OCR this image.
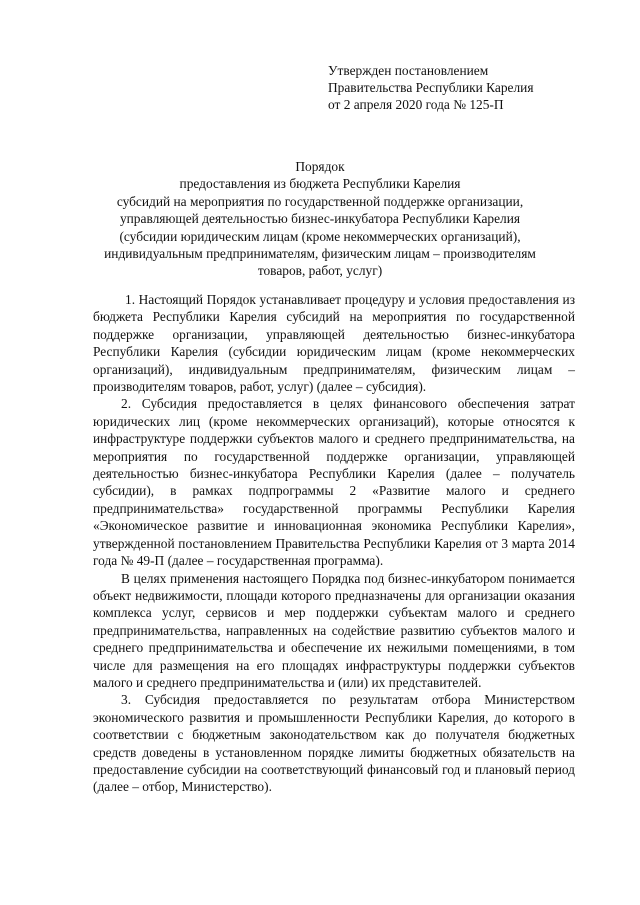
Утвержден постановлением
Правительства Республики Карелия
от 2 апреля 2020 года № 125-П
Порядок
предоставления из бюджета Республики Карелия
субсидий на мероприятия по государственной поддержке организации,
управляющей деятельностью бизнес-инкубатора Республики Карелия
(субсидии юридическим лицам (кроме некоммерческих организаций),
индивидуальным предпринимателям, физическим лицам – производителям
товаров, работ, услуг)

1. Настоящий Порядок устанавливает процедуру и условия предоставления из бюджета Республики Карелия субсидий на мероприятия по государственной поддержке организации, управляющей деятельностью бизнес-инкубатора Республики Карелия (субсидии юридическим лицам (кроме некоммерческих организаций), индивидуальным предпринимателям, физическим лицам – производителям товаров, работ, услуг) (далее – субсидия).

2. Субсидия предоставляется в целях финансового обеспечения затрат юридических лиц (кроме некоммерческих организаций), которые относятся к инфраструктуре поддержки субъектов малого и среднего предпринимательства, на мероприятия по государственной поддержке организации, управляющей деятельностью бизнес-инкубатора Республики Карелия (далее – получатель субсидии), в рамках подпрограммы 2 «Развитие малого и среднего предпринимательства» государственной программы Республики Карелия «Экономическое развитие и инновационная экономика Республики Карелия», утвержденной постановлением Правительства Республики Карелия от 3 марта 2014 года № 49-П (далее – государственная программа).

В целях применения настоящего Порядка под бизнес-инкубатором понимается объект недвижимости, площади которого предназначены для организации оказания комплекса услуг, сервисов и мер поддержки субъектам малого и среднего предпринимательства, направленных на содействие развитию субъектов малого и среднего предпринимательства и обеспечение их нежилыми помещениями, в том числе для размещения на его площадях инфраструктуры поддержки субъектов малого и среднего предпринимательства и (или) их представителей.

3. Субсидия предоставляется по результатам отбора Министерством экономического развития и промышленности Республики Карелия, до которого в соответствии с бюджетным законодательством как до получателя бюджетных средств доведены в установленном порядке лимиты бюджетных обязательств на предоставление субсидии на соответствующий финансовый год и плановый период (далее – отбор, Министерство).
